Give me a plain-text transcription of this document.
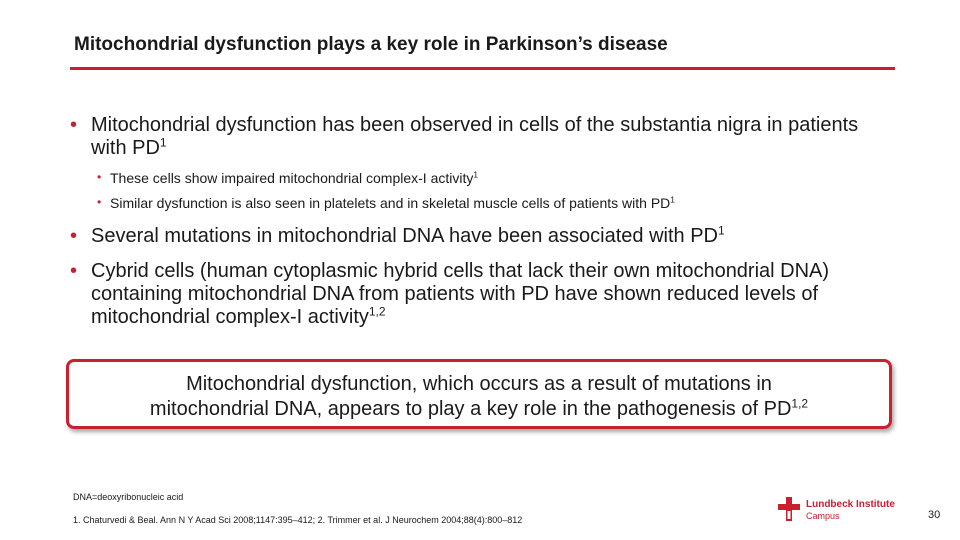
Mitochondrial dysfunction plays a key role in Parkinson’s disease
• Mitochondrial dysfunction has been observed in cells of the substantia nigra in patients with $PD^1$
• These cells show impaired mitochondrial complex-I activity$^1$
• Similar dysfunction is also seen in platelets and in skeletal muscle cells of patients with $PD^1$
• Several mutations in mitochondrial DNA have been associated with $PD^1$
• Cybrid cells (human cytoplasmic hybrid cells that lack their own mitochondrial DNA) containing mitochondrial DNA from patients with PD have shown reduced levels of mitochondrial complex-I activity$^{1,2}$
Mitochondrial dysfunction, which occurs as a result of mutations in
mitochondrial DNA, appears to play a key role in the pathogenesis of PD$^{1,2}$
DNA=deoxyribonucleic acid
1. Chaturvedi & Beal. Ann N Y Acad Sci 2008;1147:395–412; 2. Trimmer et al. J Neurochem 2004;88(4):800–812
Lundbeck Institute
Campus	30
